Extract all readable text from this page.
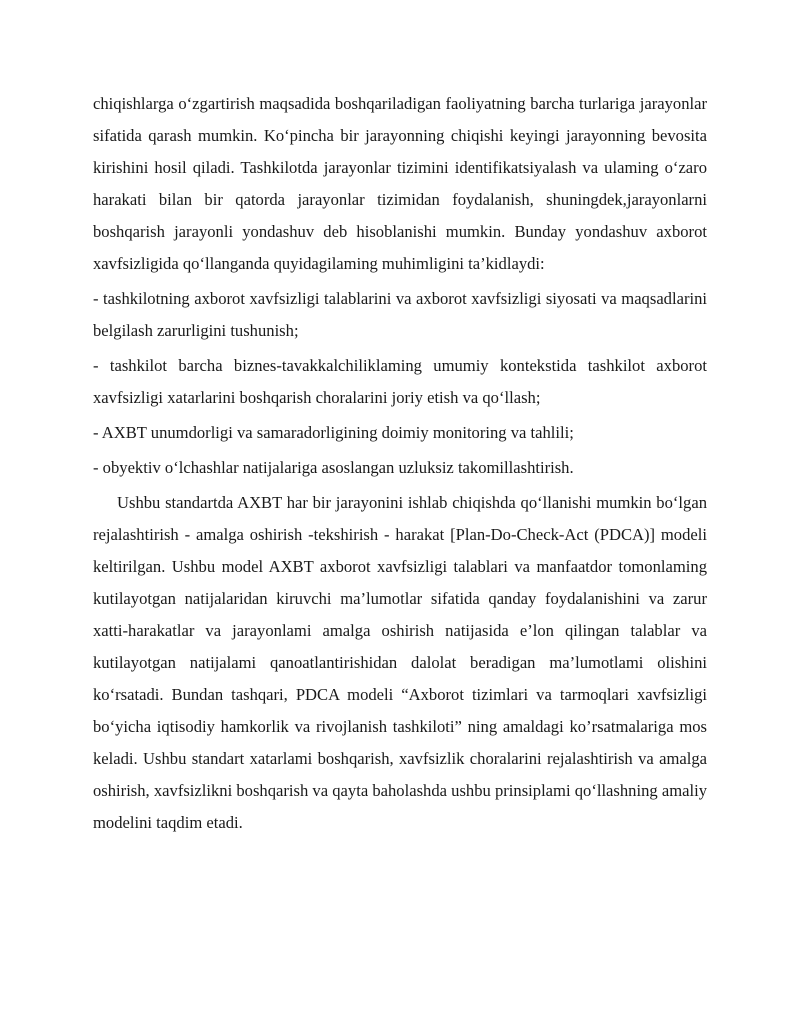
chiqishlarga o‘zgartirish maqsadida boshqariladigan faoliyatning barcha turlariga jarayonlar sifatida qarash mumkin. Ko‘pincha bir jarayonning chiqishi keyingi jarayonning bevosita kirishini hosil qiladi. Tashkilotda jarayonlar tizimini identifikatsiyalash va ulaming o‘zaro harakati bilan bir qatorda jarayonlar tizimidan foydalanish, shuningdek,jarayonlarni boshqarish jarayonli yondashuv deb hisoblanishi mumkin. Bunday yondashuv axborot xavfsizligida qo‘llanganda quyidagilaming muhimligini ta’kidlaydi:

- tashkilotning axborot xavfsizligi talablarini va axborot xavfsizligi siyosati va maqsadlarini belgilash zarurligini tushunish;

- tashkilot barcha biznes-tavakkalchiliklaming umumiy kontekstida tashkilot axborot xavfsizligi xatarlarini boshqarish choralarini joriy etish va qo‘llash;

- AXBT unumdorligi va samaradorligining doimiy monitoring va tahlili;

- obyektiv o‘lchashlar natijalariga asoslangan uzluksiz takomillashtirish.

Ushbu standartda AXBT har bir jarayonini ishlab chiqishda qo‘llanishi mumkin bo‘lgan rejalashtirish - amalga oshirish -tekshirish - harakat [Plan-Do-Check-Act (PDCA)] modeli keltirilgan. Ushbu model AXBT axborot xavfsizligi talablari va manfaatdor tomonlaming kutilayotgan natijalaridan kiruvchi ma’lumotlar sifatida qanday foydalanishini va zarur xatti-harakatlar va jarayonlami amalga oshirish natijasida e’lon qilingan talablar va kutilayotgan natijalami qanoatlantirishidan dalolat beradigan ma’lumotlami olishini ko‘rsatadi. Bundan tashqari, PDCA modeli “Axborot tizimlari va tarmoqlari xavfsizligi bo‘yicha iqtisodiy hamkorlik va rivojlanish tashkiloti” ning amaldagi ko’rsatmalariga mos keladi. Ushbu standart xatarlami boshqarish, xavfsizlik choralarini rejalashtirish va amalga oshirish, xavfsizlikni boshqarish va qayta baholashda ushbu prinsiplami qo‘llashning amaliy modelini taqdim etadi.
